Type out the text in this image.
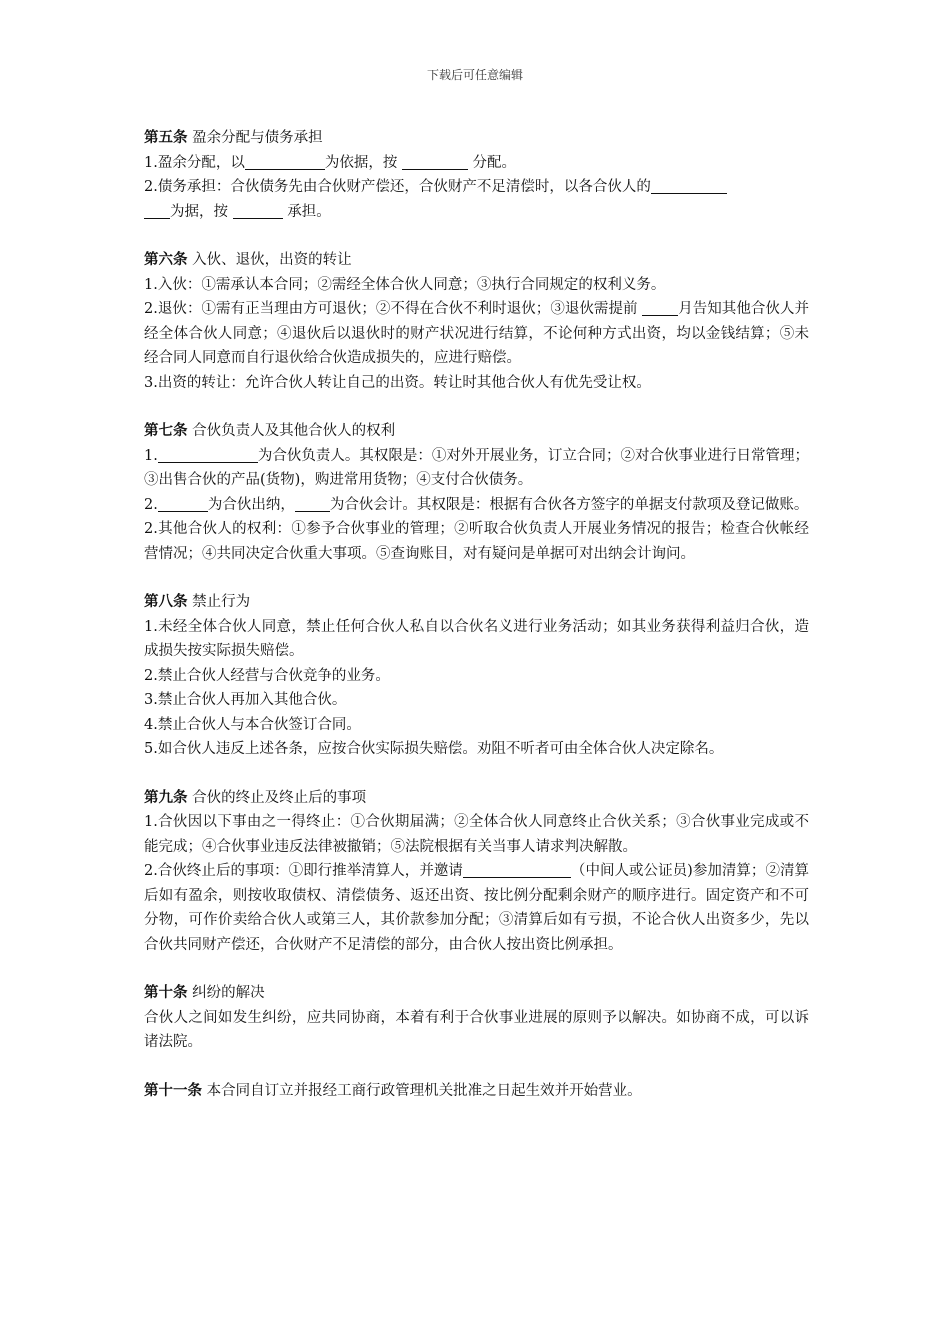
下载后可任意编辑

第五条 盈余分配与债务承担

1.盈余分配，以	为依据，按	分配。

2.债务承担：合伙债务先由合伙财产偿还，合伙财产不足清偿时，以各合伙人的
为据，按	承担。

第六条 入伙、退伙，出资的转让

1.入伙：①需承认本合同；②需经全体合伙人同意；③执行合同规定的权利义务。

2.退伙：①需有正当理由方可退伙；②不得在合伙不利时退伙；③退伙需提前 月告知其他合伙人并经全体合伙人同意；④退伙后以退伙时的财产状况进行结算，不论何种方式出资，均以金钱结算；⑤未经合同人同意而自行退伙给合伙造成损失的，应进行赔偿。

3.出资的转让：允许合伙人转让自己的出资。转让时其他合伙人有优先受让权。

第七条 合伙负责人及其他合伙人的权利

1.	为合伙负责人。其权限是：①对外开展业务，订立合同；②对合伙事业进行日常管理；③出售合伙的产品(货物)，购进常用货物；④支付合伙债务。

2.	为合伙出纳， 为合伙会计。其权限是：根据有合伙各方签字的单据支付款项及登记做账。

2.其他合伙人的权利：①参予合伙事业的管理；②听取合伙负责人开展业务情况的报告；检查合伙帐经营情况；④共同决定合伙重大事项。⑤查询账目，对有疑问是单据可对出纳会计询问。

第八条 禁止行为

1.未经全体合伙人同意，禁止任何合伙人私自以合伙名义进行业务活动；如其业务获得利益归合伙，造成损失按实际损失赔偿。

2.禁止合伙人经营与合伙竞争的业务。

3.禁止合伙人再加入其他合伙。

4.禁止合伙人与本合伙签订合同。

5.如合伙人违反上述各条，应按合伙实际损失赔偿。劝阻不听者可由全体合伙人决定除名。

第九条 合伙的终止及终止后的事项

1.合伙因以下事由之一得终止：①合伙期届满；②全体合伙人同意终止合伙关系；③合伙事业完成或不能完成；④合伙事业违反法律被撤销；⑤法院根据有关当事人请求判决解散。

2.合伙终止后的事项：①即行推举清算人，并邀请	（中间人或公证员)参加清算；②清算后如有盈余，则按收取债权、清偿债务、返还出资、按比例分配剩余财产的顺序进行。固定资产和不可分物，可作价卖给合伙人或第三人，其价款参加分配；③清算后如有亏损，不论合伙人出资多少，先以合伙共同财产偿还，合伙财产不足清偿的部分，由合伙人按出资比例承担。

第十条 纠纷的解决

合伙人之间如发生纠纷，应共同协商，本着有利于合伙事业进展的原则予以解决。如协商不成，可以诉诸法院。

第十一条 本合同自订立并报经工商行政管理机关批准之日起生效并开始营业。
